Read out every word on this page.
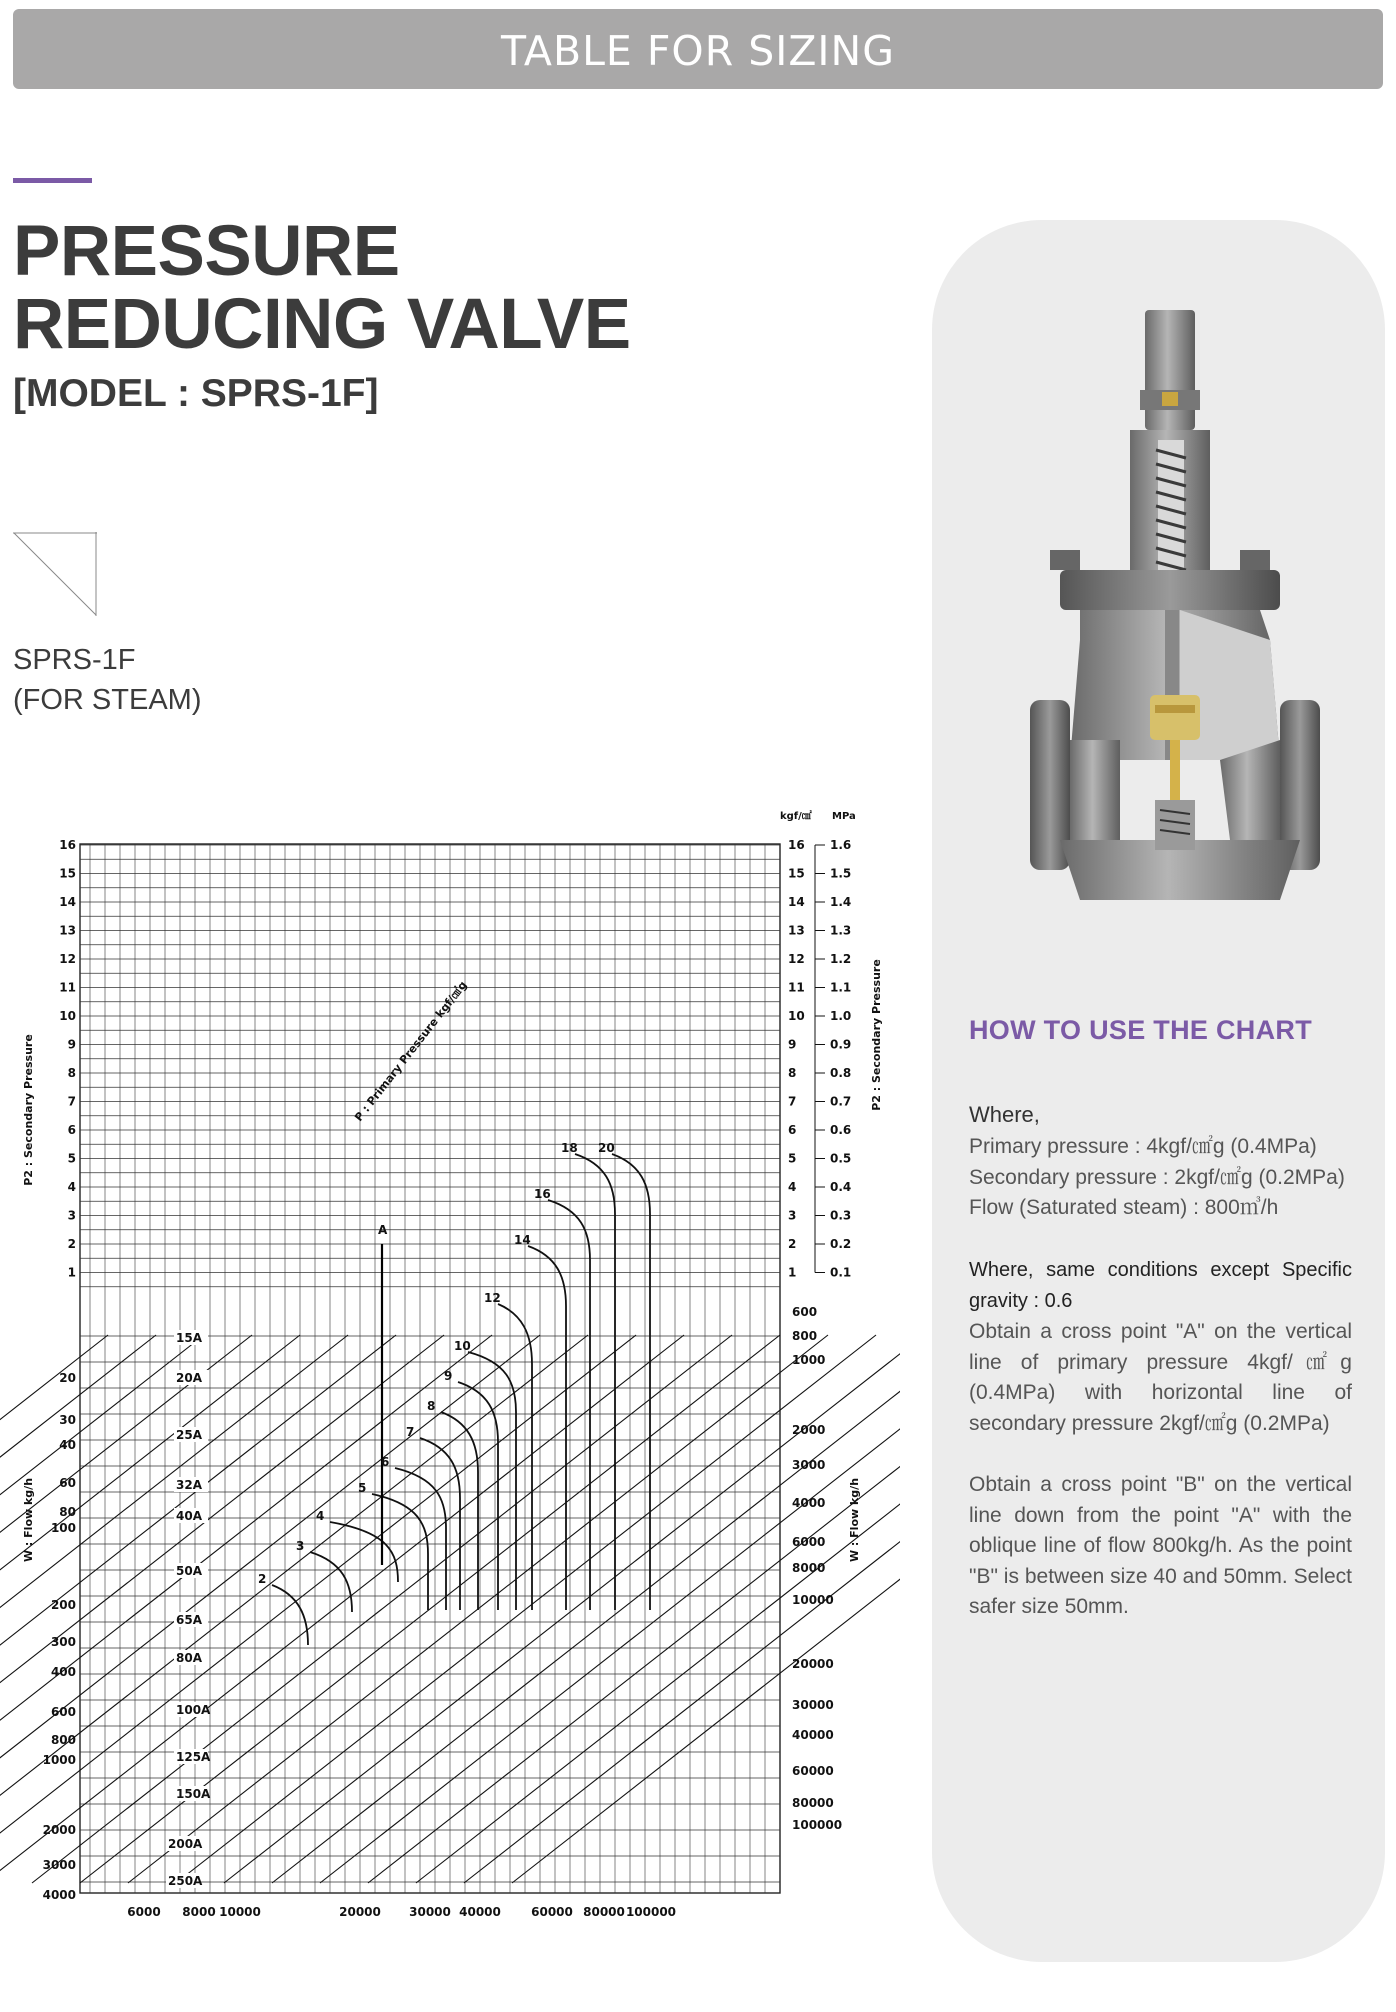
TABLE FOR SIZING
PRESSURE
REDUCING VALVE
[MODEL : SPRS-1F]
SPRS-1F
(FOR STEAM)
HOW TO USE THE CHART
Where,
Primary pressure : 4kgf/㎠g (0.4MPa)
Secondary pressure : 2kgf/㎠g (0.2MPa)
Flow (Saturated steam) : 800㎥/h
Where, same conditions except Specific gravity : 0.6
Obtain a cross point "A" on the vertical line of primary pressure 4kgf/㎠g (0.4MPa) with horizontal line of secondary pressure 2kgf/㎠g (0.2MPa)
Obtain a cross point "B" on the vertical line down from the point "A" with the oblique line of flow 800kg/h. As the point "B" is between size 40 and 50mm. Select safer size 50mm.
2
3
4
5
6
7
8
9
10
12
14
16
18 20
A
P : Primary Pressure kgf/㎠g
16
15
14
13
12
11
10
9
8
7
6
5
4
3
2
1
P2 : Secondary Pressure
16
15
14
13
12
11
10
9
8
7
6
5
4
3
2
1
1.6
1.5
1.4
1.3
1.2
1.1
1.0
0.9
0.8
0.7
0.6
0.5
0.4
0.3
0.2
0.1
kgf/㎠ MPa
P2 : Secondary Pressure
20
30
40
60
80
100
200
300
400
600
800
1000
2000
3000
4000
W : Flow kg/h
600
800
1000
2000
3000
4000
6000
8000
10000
20000
30000
40000
60000
80000
100000
W : Flow kg/h
6000 8000 10000	20000 30000 40000	60000 80000 100000
15A
20A
25A
32A
40A
50A
65A
80A
100A
125A
150A
200A
250A
